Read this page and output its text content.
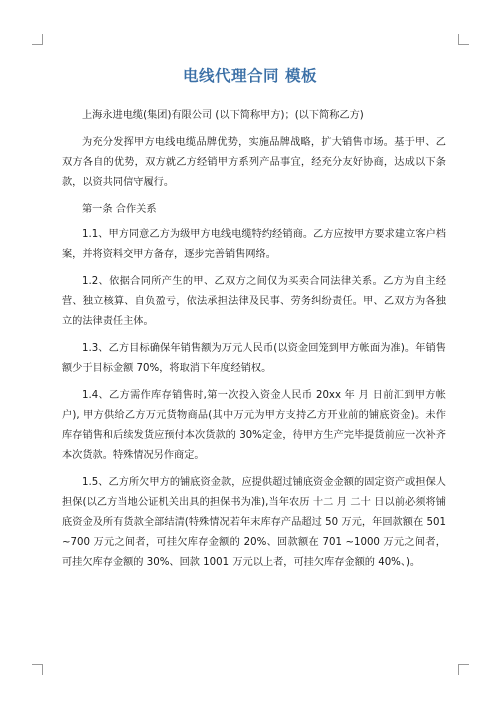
电线代理合同 模板

上海永进电缆(集团)有限公司 (以下简称甲方)；(以下简称乙方)

为充分发挥甲方电线电缆品牌优势，实施品牌战略，扩大销售市场。基于甲、乙双方各自的优势，双方就乙方经销甲方系列产品事宜，经充分友好协商，达成以下条款，以资共同信守履行。

第一条 合作关系

1.1、甲方同意乙方为级甲方电线电缆特约经销商。乙方应按甲方要求建立客户档案，并将资料交甲方备存，逐步完善销售网络。

1.2、依据合同所产生的甲、乙双方之间仅为买卖合同法律关系。乙方为自主经营、独立核算、自负盈亏，依法承担法律及民事、劳务纠纷责任。甲、乙双方为各独立的法律责任主体。

1.3、乙方目标确保年销售额为万元人民币(以资金回笼到甲方帐面为准)。年销售额少于目标金额 70%，将取消下年度经销权。

1.4、乙方需作库存销售时,第一次投入资金人民币 20xx 年 月 日前汇到甲方帐户), 甲方供给乙方万元货物商品(其中万元为甲方支持乙方开业前的铺底资金)。未作库存销售和后续发货应预付本次货款的 30%定金，待甲方生产完毕提货前应一次补齐本次货款。特殊情况另作商定。

1.5、乙方所欠甲方的铺底资金款，应提供超过铺底资金金额的固定资产或担保人担保(以乙方当地公证机关出具的担保书为准),当年农历 十二 月 二十 日以前必须将铺底资金及所有货款全部结清(特殊情况若年末库存产品超过 50 万元，年回款额在 501 ~700 万元之间者，可挂欠库存金额的 20%、回款额在 701 ~1000 万元之间者，可挂欠库存金额的 30%、回款 1001 万元以上者，可挂欠库存金额的 40%、)。
